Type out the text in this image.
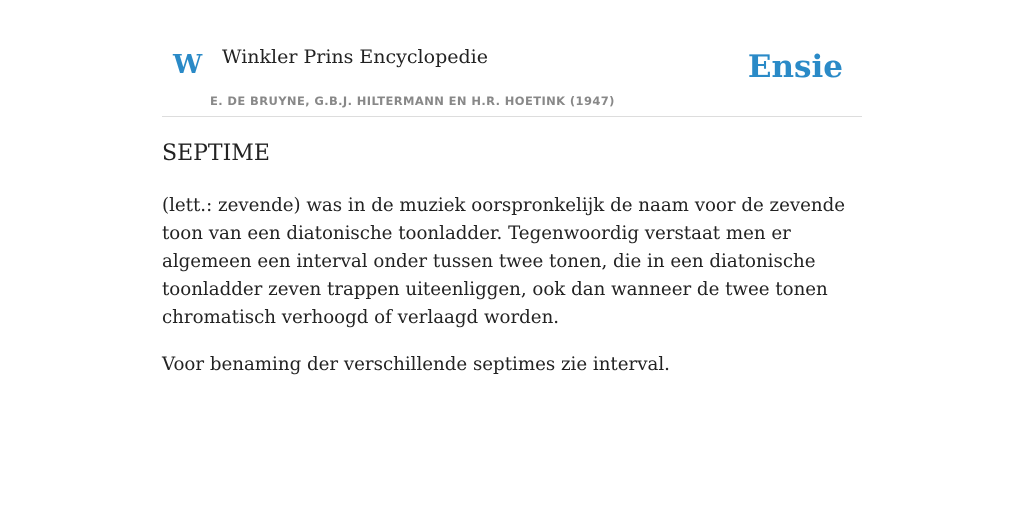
W Winkler Prins Encyclopedie
E. DE BRUYNE, G.B.J. HILTERMANN EN H.R. HOETINK (1947)
Ensie
SEPTIME

(lett.: zevende) was in de muziek oorspronkelijk de naam voor de zevende toon van een diatonische toonladder. Tegenwoordig verstaat men er algemeen een interval onder tussen twee tonen, die in een diatonische toonladder zeven trappen uiteenliggen, ook dan wanneer de twee tonen chromatisch verhoogd of verlaagd worden.

Voor benaming der verschillende septimes zie interval.
